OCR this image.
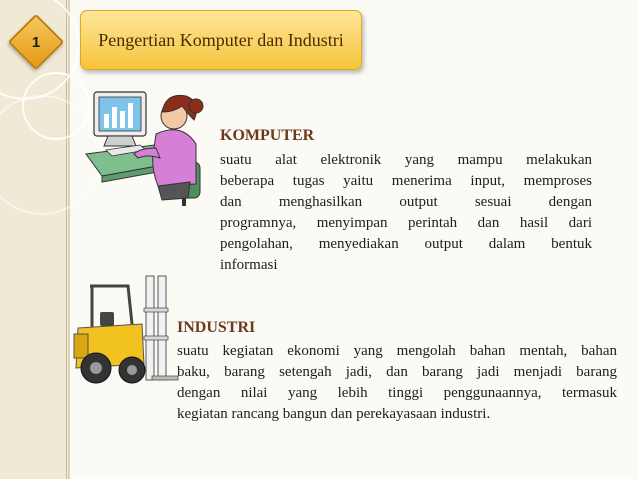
1	Pengertian Komputer dan Industri
KOMPUTER
suatu alat elektronik yang mampu melakukan
beberapa tugas yaitu menerima input, memproses
dan menghasilkan output sesuai dengan
programnya, menyimpan perintah dan hasil dari
pengolahan, menyediakan output dalam bentuk
informasi
INDUSTRI
suatu kegiatan ekonomi yang mengolah bahan mentah, bahan
baku, barang setengah jadi, dan barang jadi menjadi barang
dengan nilai yang lebih tinggi penggunaannya, termasuk
kegiatan rancang bangun dan perekayasaan industri.
